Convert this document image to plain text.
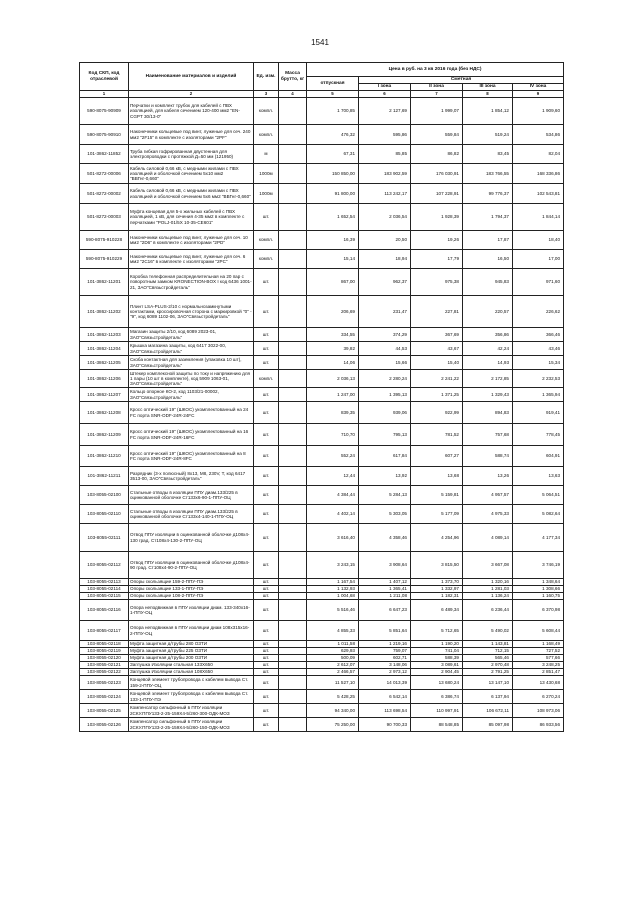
1541
Код СКП, код отраслевой	Наименование материалов и изделий	Ед. изм.	Масса брутто, кг	Цена в руб. на 3 кв 2016 года (без НДС)				
				отпускная	Сметная			
					I зона	II зона	III зона	IV зона
1	2	3	4	5	6	7	8	9
590-8075-90909	Перчатки и комплект трубок для кабелей с ПВХ изоляцией, для кабеля сечением 120-400 мм2 "EN-CGPT 30/13-0"	компл.		1 700,85	2 127,69	1 999,07	1 854,12	1 909,60
590-8075-90910	Наконечники кольцевые под винт, луженые для сеч. 240 мм2 "2F15" в комплекте с изоляторами "2PF"	компл.		476,32	595,86	559,84	519,24	534,86
101-3862-11852	Труба гибкая гофрированная двустенная для электропроводки с протяжкой Д=50 мм (121950)	м		67,31	85,85	86,82	83,45	82,04
501-8272-00006	Кабель силовой 0,66 кВ, с медными жилами с ПВХ изоляцией и оболочкой сечением 5х10 мм2 "ВВГнг-0,660"	1000м		150 850,00	183 902,59	176 030,91	183 766,55	168 336,86
501-8272-00002	Кабель силовой 0,66 кВ, с медными жилами с ПВХ изоляцией и оболочкой сечением 5х6 мм2 "ВВГнг-0,660"	1000м		91 800,00	113 242,17	107 228,91	99 776,37	102 543,81
501-8272-00003	Муфта концевая для 5-х жильных кабелей с ПВХ изоляцией, 1 кВ, для сечения 4-35 мм2 в комплекте с перчатками "POLJ-01/5X 10-35-CE601"	шт.		1 652,54	2 036,54	1 928,39	1 794,37	1 844,14
590-8075-910228	Наконечники кольцевые под винт, луженые для сеч. 10 мм2 "2D6" в комплекте с изоляторами "2PD"	компл.		16,39	20,50	19,26	17,87	18,40
590-8075-910229	Наконечники кольцевые под винт, луженые для сеч. 6 мм2 "2C16" в комплекте с изоляторами "2PC"	компл.		15,14	18,94	17,79	16,50	17,00
101-3862-11201	Коробка телефонная распределительная на 20 пар с поворотным замком KRONECTION-BOX I код 6436 1001-21, ЗАО"Связьстройдеталь"	шт.		867,00	962,37	975,38	945,83	971,60
101-3862-11202	Плинт LSA-PLUS-2/10 с нормальнозамкнутыми контактами, кроссировочная сторона с маркировкой "0" - "9", код 6089 1102-06, ЗАО"Связьстройдеталь"	шт.		206,69	231,47	227,81	220,57	226,62
101-3862-11203	Магазин защиты 2/10, код 6089 2023-01, ЗАО"Связьстройдеталь"	шт.		334,55	374,29	367,69	356,86	366,46
101-3862-11204	Крышка магазина защиты, код 6417 3022-00, ЗАО"Связьстройдеталь"	шт.		39,82	44,53	43,67	42,24	43,46
101-3862-11205	Скоба контактная для заземления (упаковка 10 шт), ЗАО"Связьстройдеталь"	шт.		14,06	15,66	15,40	14,93	15,34
101-3862-11206	Штекер комплексной защиты по току и напряжению для 1 пары (10 шт в комплекте), код 5909 1063-01, ЗАО"Связьстройдеталь"	компл.		2 036,13	2 280,24	2 241,22	2 172,85	2 232,53
101-3862-11207	Кольцо опорное КО-2, код 1103/21-00002, ЗАО"Связьстройдеталь"	шт.		1 247,00	1 395,13	1 371,25	1 329,43	1 365,94
101-3862-11208	Кросс оптический 19" (ШКОС) укомплектованный на 24 FC порта SNR-ODF-24R-24FC	шт.		839,35	939,06	922,99	894,83	919,41
101-3862-11209	Кросс оптический 19" (ШКОС) укомплектованный на 16 FC порта SNR-ODF-24R-16FC	шт.		710,70	795,13	781,52	757,68	778,45
101-3862-11210	Кросс оптический 19" (ШКОС) укомплектованный на 8 FC порта SNR-ODF-24R-8FC	шт.		552,24	617,84	607,27	588,74	604,91
101-3862-11211	Разрядник (3-х полюсный) 8х13, М8, 230V, Т, код 6417 3513-00, ЗАО"Связьстройдеталь"	шт.		12,44	13,92	13,68	13,26	13,63
103-8055-02100	Стальные отводы в изоляции ППУ диам.133/225 в оцинкованной оболочке Ст133х6-90-1-ППУ-ОЦ	шт.		4 384,44	5 284,13	5 159,81	4 957,57	5 064,51
103-8055-02110	Стальные отводы в изоляции ППУ диам.133/225 в оцинкованной оболочке Ст133х4-140-1-ППУ-ОЦ	шт.		4 402,14	5 303,05	5 177,09	4 975,33	5 082,64
103-8055-02111	Отвод ППУ изоляции в оцинкованной оболочке д108х4-130 град. Ст108х4-130-2-ППУ-ОЦ	шт.		3 616,40	4 358,46	4 254,96	4 089,14	4 177,34
103-8055-02112	Отвод ППУ изоляции в оцинкованной оболочке д108х4-90 град. Ст108х4-90-2-ППУ-ОЦ	шт.		3 243,15	3 908,64	3 815,50	3 667,08	3 746,19
103-8055-02113	Опоры скользящие 159-2-ППУ-ПЭ	шт.		1 167,54	1 407,12	1 373,70	1 320,16	1 348,64
103-8055-02114	Опоры скользящие 133-1-ППУ-ПЭ	шт.		1 132,93	1 365,41	1 332,97	1 281,03	1 308,66
103-8055-02115	Опоры скользящие 108-2-ППУ-ПЭ	шт.		1 004,68	1 211,08	1 182,31	1 136,24	1 160,75
103-8055-02116	Опора неподвижная в ППУ изоляции диам. 133-340х16-1-ППУ-ОЦ	шт.		5 516,46	6 647,23	6 489,34	6 236,44	6 370,98
103-8055-02117	Опора неподвижная в ППУ изоляции диам 108х315х16-2-ППУ-ОЦ	шт.		4 855,33	5 851,64	5 712,65	5 490,02	5 608,44
103-8055-02118	Муфта защитная д/трубы 280 ОЗТИ	шт.		1 011,58	1 219,16	1 190,20	1 143,81	1 168,49
103-8055-02119	Муфта защитная д/трубы 225 ОЗТИ	шт.		629,93	759,07	741,04	712,15	727,52
103-8055-02120	Муфта защитная д/трубы 200 ОЗТИ	шт.		500,09	602,71	588,39	565,46	577,66
103-8055-02121	Заглушка Изоляции стальная 133Х650	шт.		2 612,07	3 148,06	3 089,61	2 970,48	3 248,25
103-8055-02122	Заглушка Изоляции стальная 108Х650	шт.		2 466,57	2 973,12	2 904,45	2 791,25	2 851,47
103-8055-02123	Концевой элемент трубопровода с кабелем вывода Ст. 159-2-ППУ-ОЦ	шт.		11 527,10	14 013,39	13 680,24	13 147,10	13 430,68
103-8055-02124	Концевой элемент трубопровода с кабелем вывода Ст. 133-1-ППУ-ПЭ	шт.		5 428,25	6 542,14	6 386,74	6 137,94	6 270,24
103-8055-02125	Компенсатор сильфонный в ППУ изоляции 2СКУ.ППУ133-2-25-159Х4-5/260-300-ОДК-МОЗ	шт.		94 340,00	113 698,54	110 997,91	106 672,11	108 973,06
103-8055-02126	Компенсатор сильфонный в ППУ изоляции 2СКУ.ППУ133-2-25-159Х4-5/260-150-ОДК-МОЗ	шт.		75 250,00	90 700,33	88 548,85	85 097,98	86 933,56
